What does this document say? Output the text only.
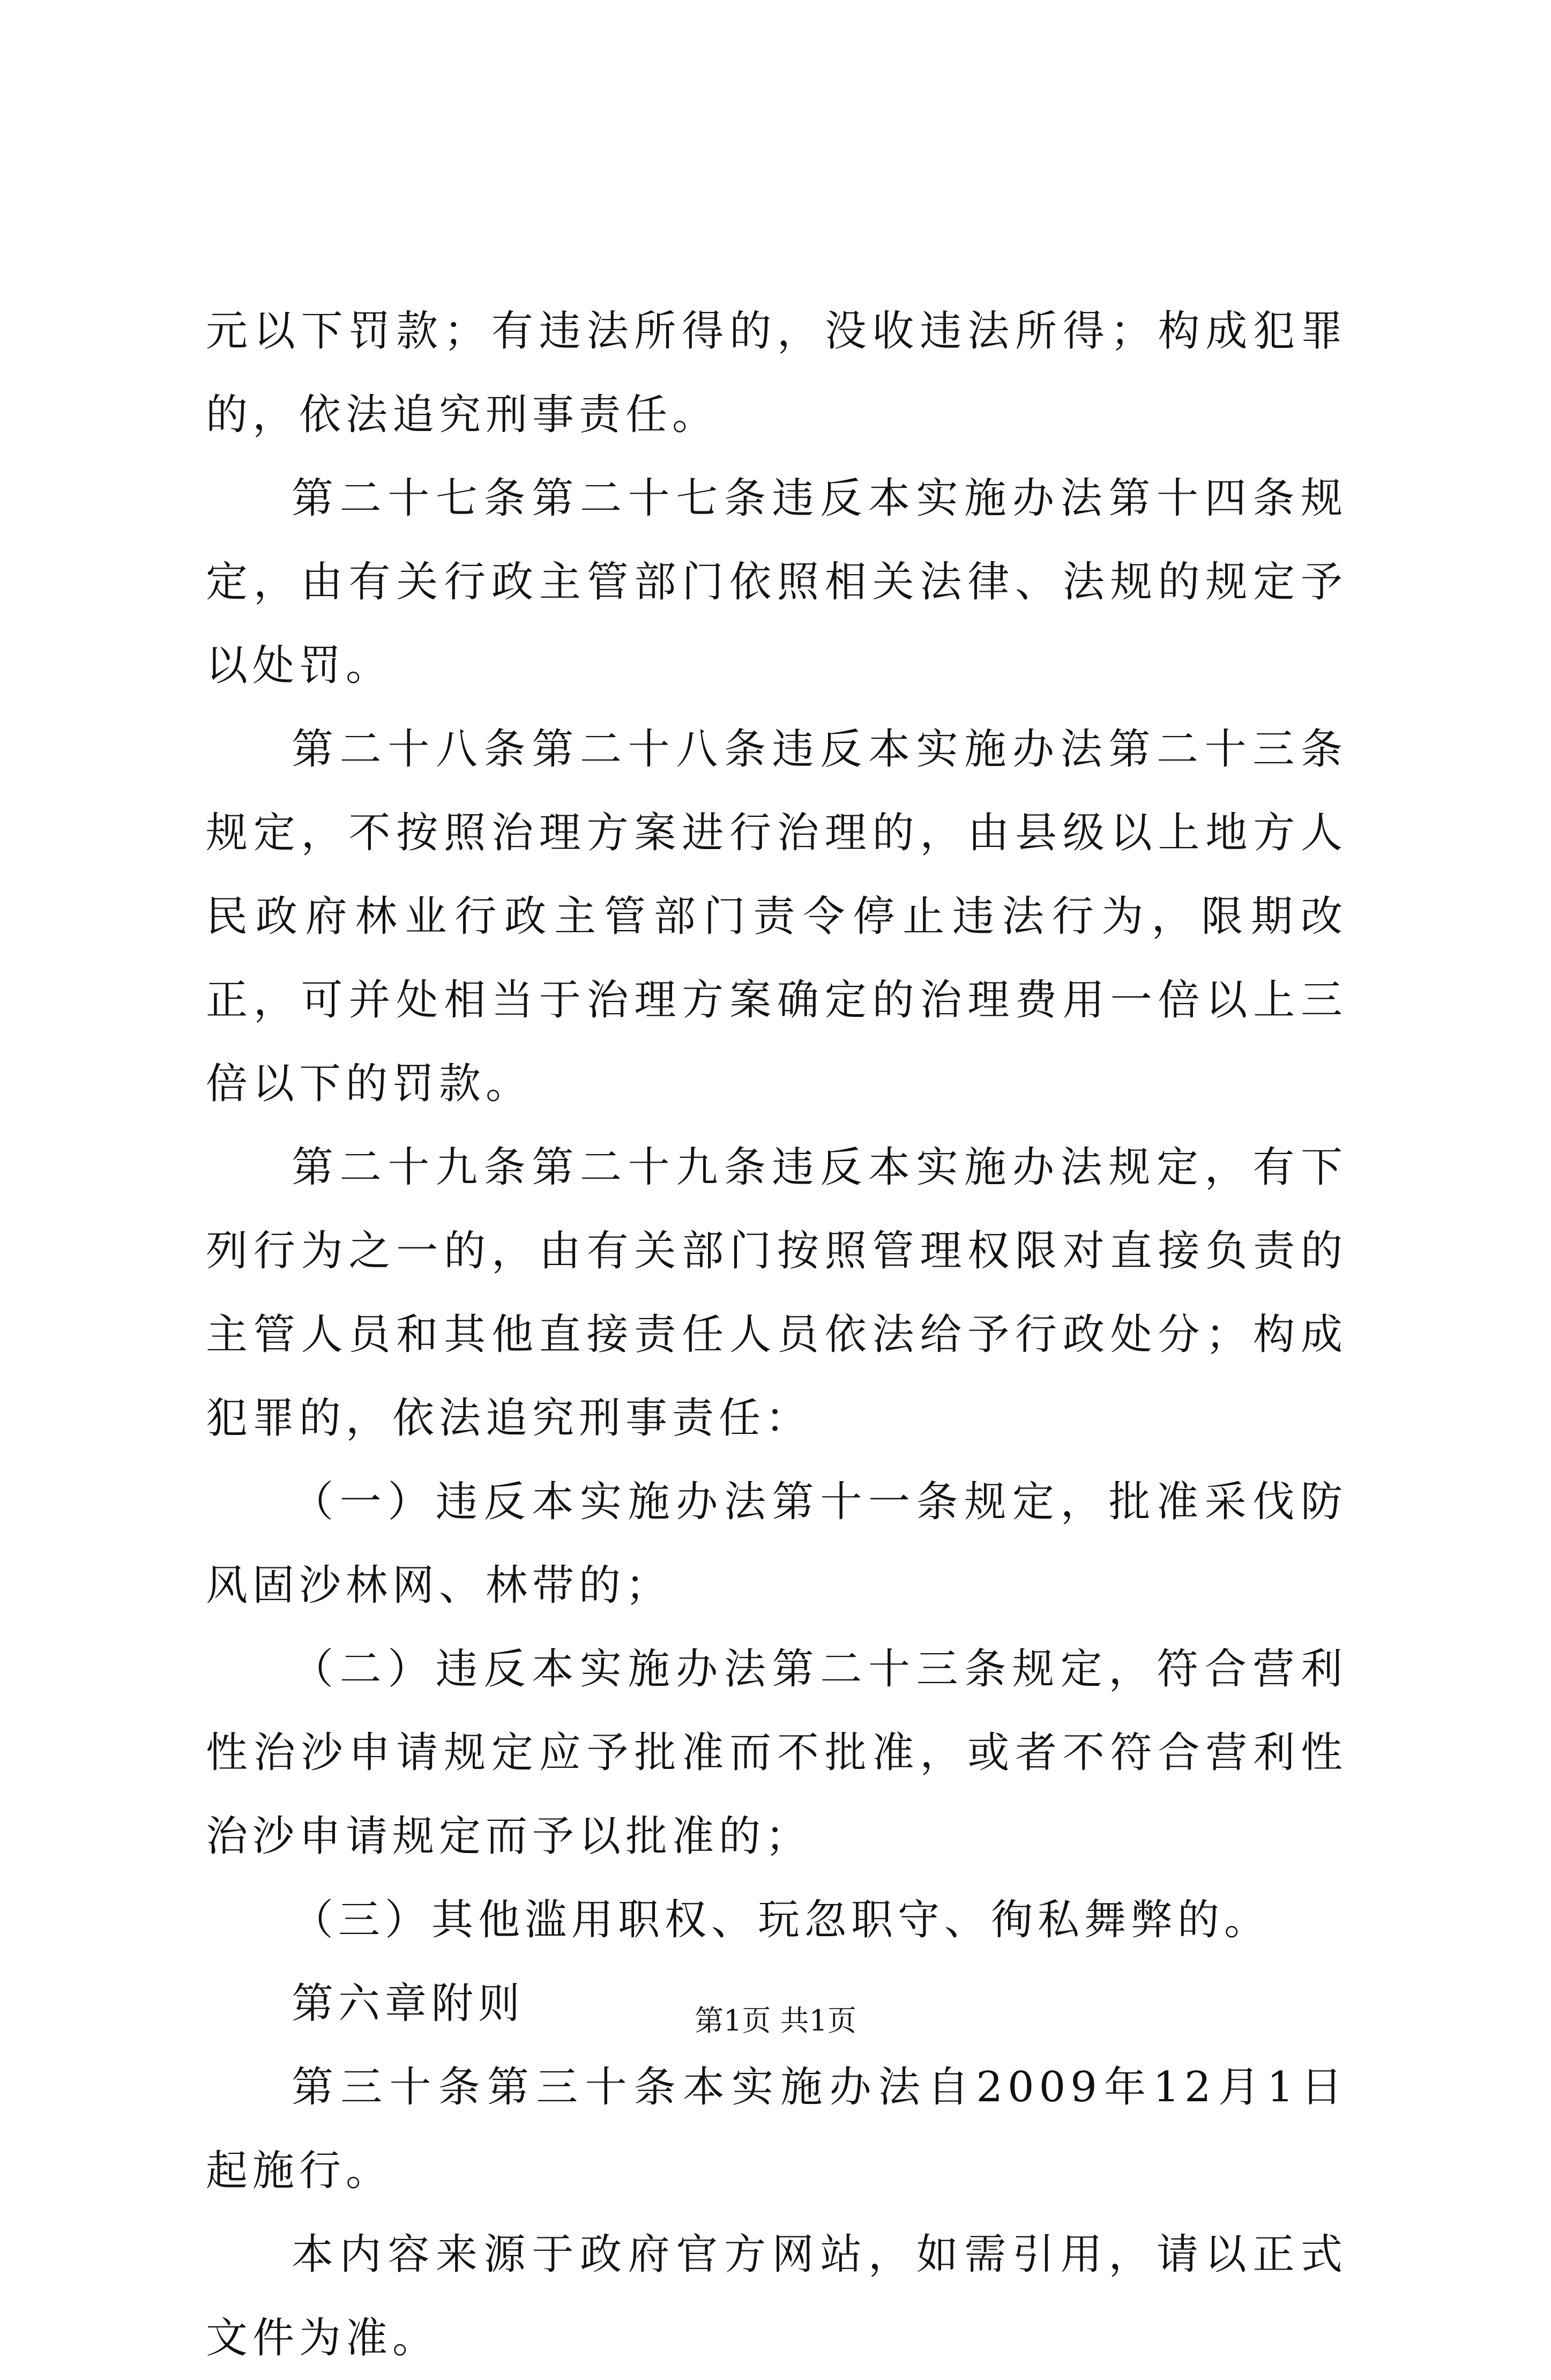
元以下罚款；有违法所得的，没收违法所得；构成犯罪的，依法追究刑事责任。

第二十七条第二十七条违反本实施办法第十四条规定，由有关行政主管部门依照相关法律、法规的规定予以处罚。

第二十八条第二十八条违反本实施办法第二十三条规定，不按照治理方案进行治理的，由县级以上地方人民政府林业行政主管部门责令停止违法行为，限期改正，可并处相当于治理方案确定的治理费用一倍以上三倍以下的罚款。

第二十九条第二十九条违反本实施办法规定，有下列行为之一的，由有关部门按照管理权限对直接负责的主管人员和其他直接责任人员依法给予行政处分；构成犯罪的，依法追究刑事责任：

（一）违反本实施办法第十一条规定，批准采伐防风固沙林网、林带的；

（二）违反本实施办法第二十三条规定，符合营利性治沙申请规定应予批准而不批准，或者不符合营利性治沙申请规定而予以批准的；

（三）其他滥用职权、玩忽职守、徇私舞弊的。

第六章附则

第三十条第三十条本实施办法自2009年12月1日起施行。

本内容来源于政府官方网站，如需引用，请以正式文件为准。

第1页 共1页
